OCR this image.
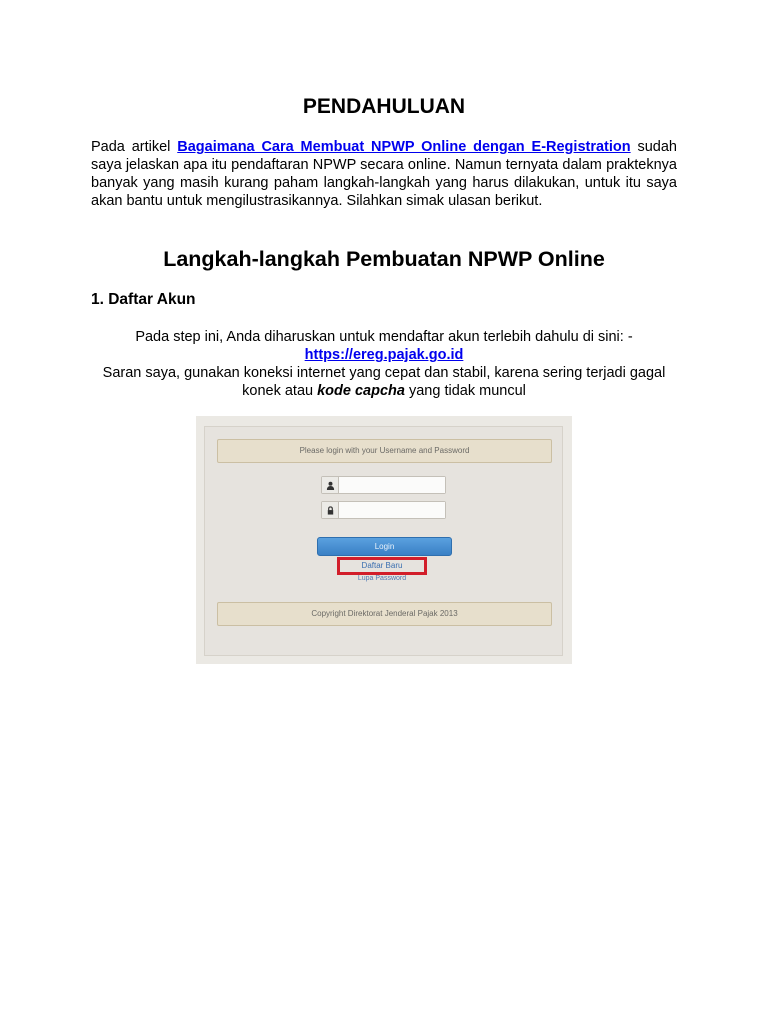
PENDAHULUAN
Pada artikel Bagaimana Cara Membuat NPWP Online dengan E-Registration sudah saya jelaskan apa itu pendaftaran NPWP secara online. Namun ternyata dalam prakteknya banyak yang masih kurang paham langkah-langkah yang harus dilakukan, untuk itu saya akan bantu untuk mengilustrasikannya. Silahkan simak ulasan berikut.
Langkah-langkah Pembuatan NPWP Online
1. Daftar Akun
Pada step ini, Anda diharuskan untuk mendaftar akun terlebih dahulu di sini: -
https://ereg.pajak.go.id
Saran saya, gunakan koneksi internet yang cepat dan stabil, karena sering terjadi gagal konek atau kode capcha yang tidak muncul
Please login with your Username and Password
Login
Daftar Baru
Lupa Password
Copyright Direktorat Jenderal Pajak 2013
